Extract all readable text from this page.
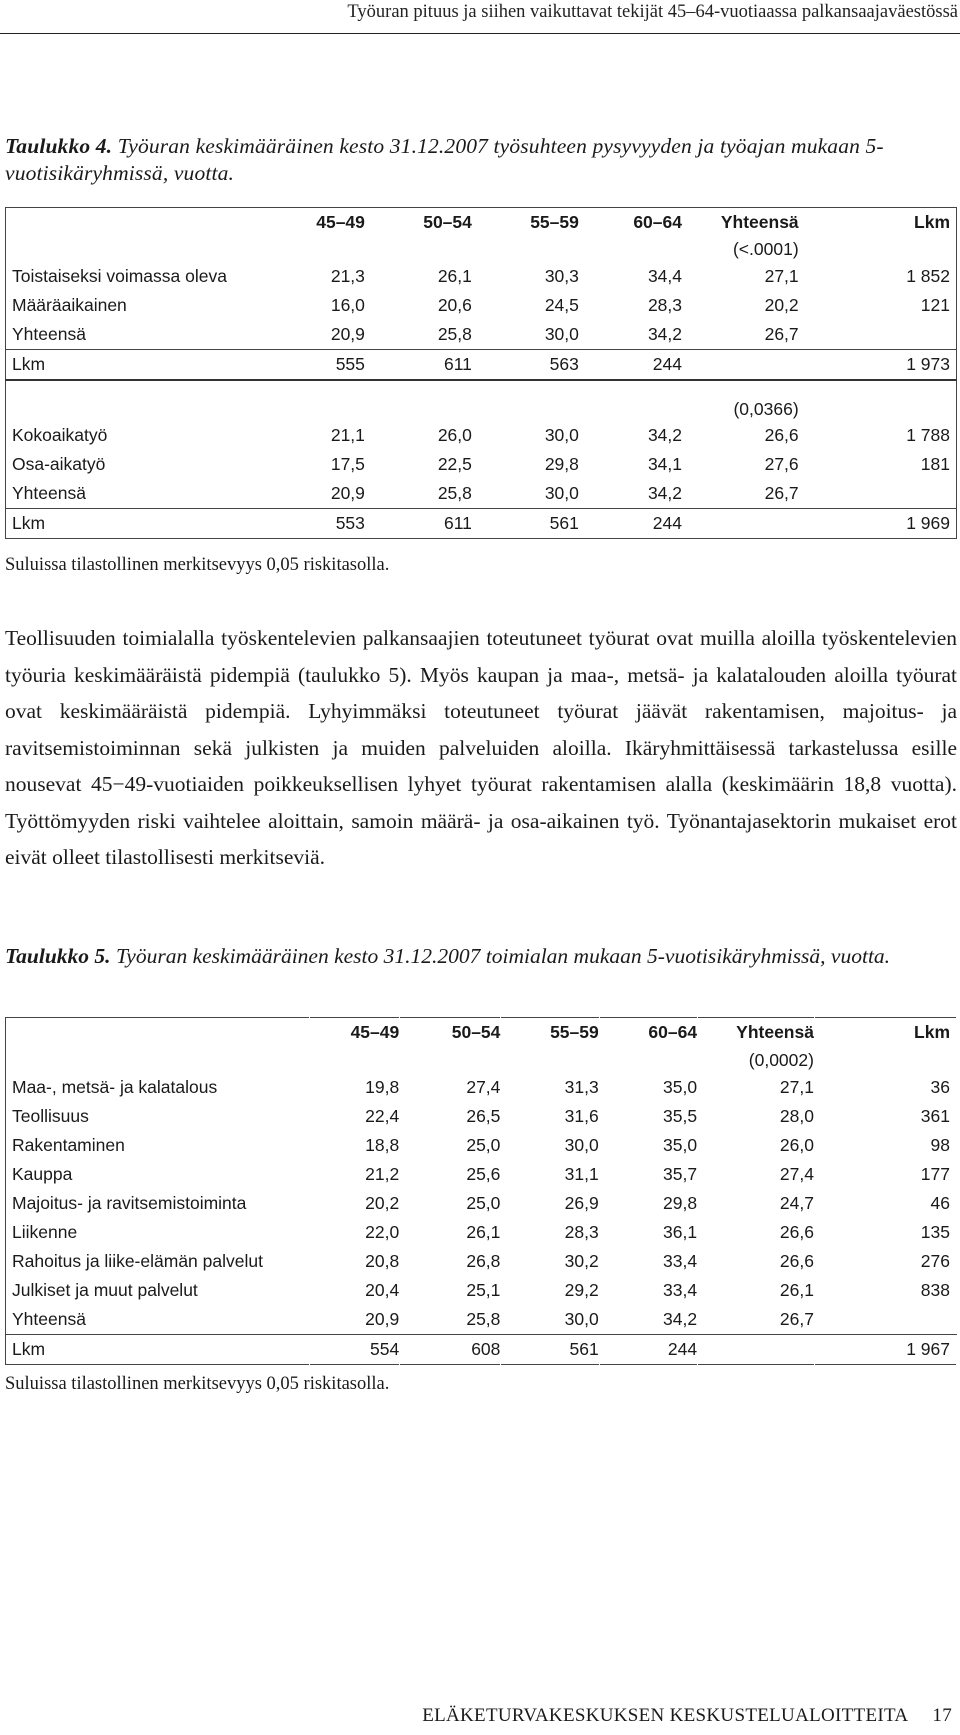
Työuran pituus ja siihen vaikuttavat tekijät 45–64-vuotiaassa palkansaajaväestössä
Taulukko 4. Työuran keskimääräinen kesto 31.12.2007 työsuhteen pysyvyyden ja työajan mukaan 5-vuotisikäryhmissä, vuotta.
	45–49	50–54	55–59	60–64	Yhteensä	Lkm
					(<.0001)	
Toistaiseksi voimassa oleva	21,3	26,1	30,3	34,4	27,1	1 852
Määräaikainen	16,0	20,6	24,5	28,3	20,2	121
Yhteensä	20,9	25,8	30,0	34,2	26,7	
Lkm	555	611	563	244		1 973

					(0,0366)	
Kokoaikatyö	21,1	26,0	30,0	34,2	26,6	1 788
Osa-aikatyö	17,5	22,5	29,8	34,1	27,6	181
Yhteensä	20,9	25,8	30,0	34,2	26,7	
Lkm	553	611	561	244		1 969
Suluissa tilastollinen merkitsevyys 0,05 riskitasolla.
Teollisuuden toimialalla työskentelevien palkansaajien toteutuneet työurat ovat muilla aloilla työskentelevien työuria keskimääräistä pidempiä (taulukko 5). Myös kaupan ja maa-, metsä- ja kalatalouden aloilla työurat ovat keskimääräistä pidempiä. Lyhyimmäksi toteutuneet työurat jäävät rakentamisen, majoitus- ja ravitsemistoiminnan sekä julkisten ja muiden palveluiden aloilla. Ikäryhmittäisessä tarkastelussa esille nousevat 45−49-vuotiaiden poikkeuksellisen lyhyet työurat rakentamisen alalla (keskimäärin 18,8 vuotta). Työttömyyden riski vaihtelee aloittain, samoin määrä- ja osa-aikainen työ. Työnantajasektorin mukaiset erot eivät olleet tilastollisesti merkitseviä.
Taulukko 5. Työuran keskimääräinen kesto 31.12.2007 toimialan mukaan 5-vuotisikäryhmissä, vuotta.
	45–49	50–54	55–59	60–64	Yhteensä	Lkm
					(0,0002)	
Maa-, metsä- ja kalatalous	19,8	27,4	31,3	35,0	27,1	36
Teollisuus	22,4	26,5	31,6	35,5	28,0	361
Rakentaminen	18,8	25,0	30,0	35,0	26,0	98
Kauppa	21,2	25,6	31,1	35,7	27,4	177
Majoitus- ja ravitsemistoiminta	20,2	25,0	26,9	29,8	24,7	46
Liikenne	22,0	26,1	28,3	36,1	26,6	135
Rahoitus ja liike-elämän palvelut	20,8	26,8	30,2	33,4	26,6	276
Julkiset ja muut palvelut	20,4	25,1	29,2	33,4	26,1	838
Yhteensä	20,9	25,8	30,0	34,2	26,7	
Lkm	554	608	561	244		1 967
Suluissa tilastollinen merkitsevyys 0,05 riskitasolla.
ELÄKETURVAKESKUKSEN KESKUSTELUALOITTEITA 17
